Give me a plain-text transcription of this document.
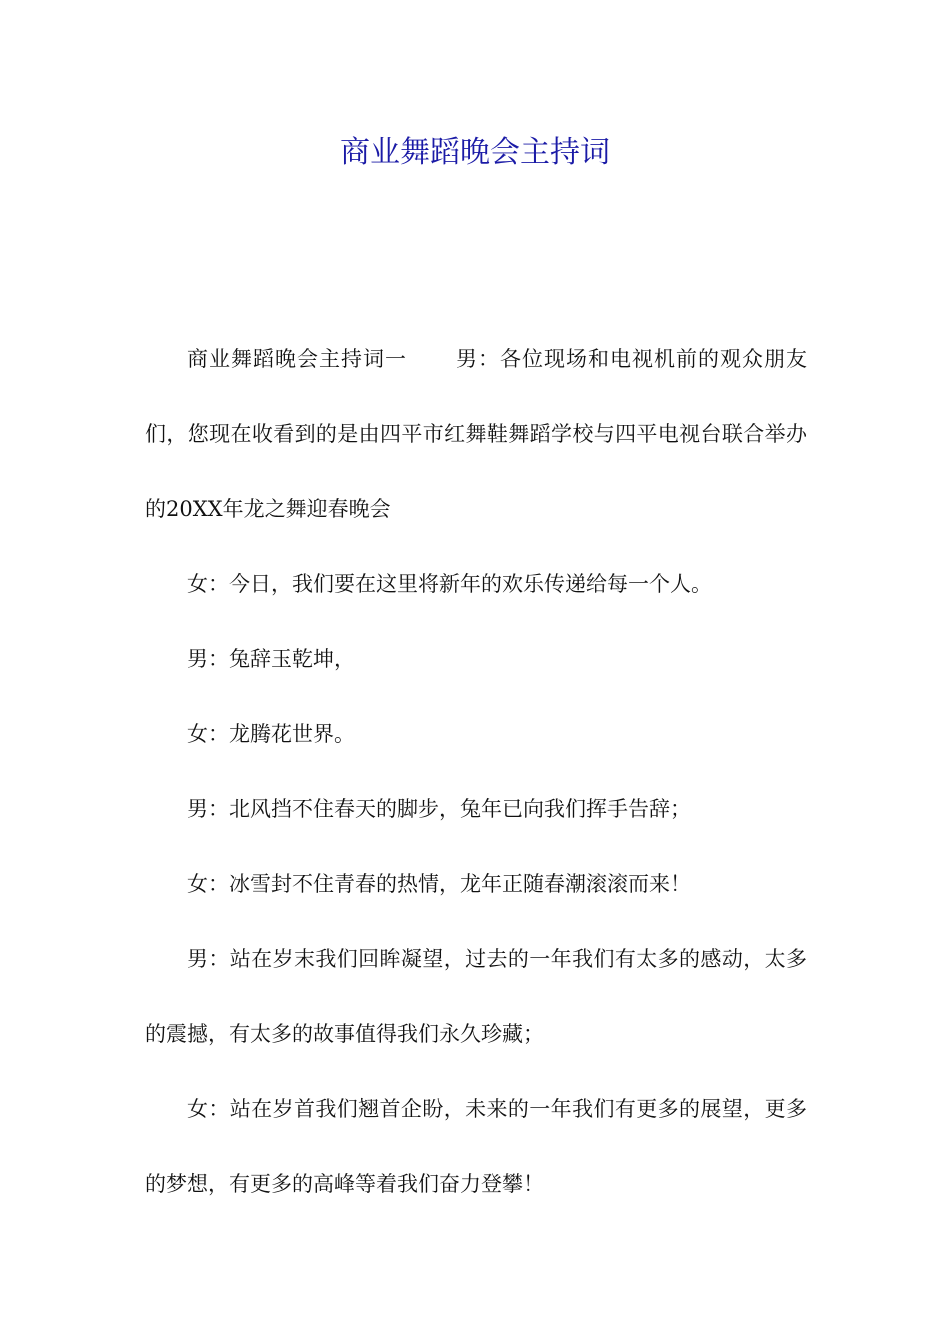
商业舞蹈晚会主持词

商业舞蹈晚会主持词一 男：各位现场和电视机前的观众朋友们，您现在收看到的是由四平市红舞鞋舞蹈学校与四平电视台联合举办的20XX年龙之舞迎春晚会

女：今日，我们要在这里将新年的欢乐传递给每一个人。

男：兔辞玉乾坤，

女：龙腾花世界。

男：北风挡不住春天的脚步，兔年已向我们挥手告辞；

女：冰雪封不住青春的热情，龙年正随春潮滚滚而来！

男：站在岁末我们回眸凝望，过去的一年我们有太多的感动，太多的震撼，有太多的故事值得我们永久珍藏；

女：站在岁首我们翘首企盼，未来的一年我们有更多的展望，更多的梦想，有更多的高峰等着我们奋力登攀！
